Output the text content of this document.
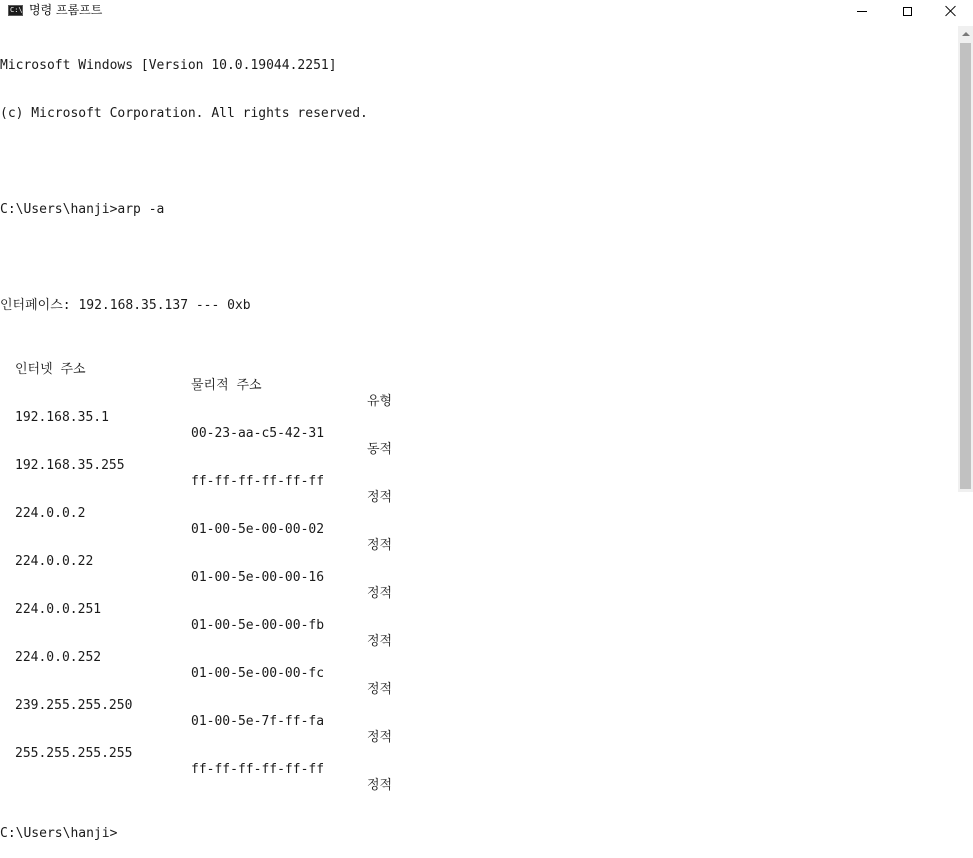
C:\ 명령 프롬프트

Microsoft Windows [Version 10.0.19044.2251]

(c) Microsoft Corporation. All rights reserved.

C:\Users\hanji>arp -a

인터페이스: 192.168.35.137 --- 0xb

인터넷 주소

물리적 주소

유형

192.168.35.1

00-23-aa-c5-42-31

동적

192.168.35.255

ff-ff-ff-ff-ff-ff

정적

224.0.0.2

01-00-5e-00-00-02

정적

224.0.0.22

01-00-5e-00-00-16

정적

224.0.0.251

01-00-5e-00-00-fb

정적

224.0.0.252

01-00-5e-00-00-fc

정적

239.255.255.250

01-00-5e-7f-ff-fa

정적

255.255.255.255

ff-ff-ff-ff-ff-ff

정적

C:\Users\hanji>
